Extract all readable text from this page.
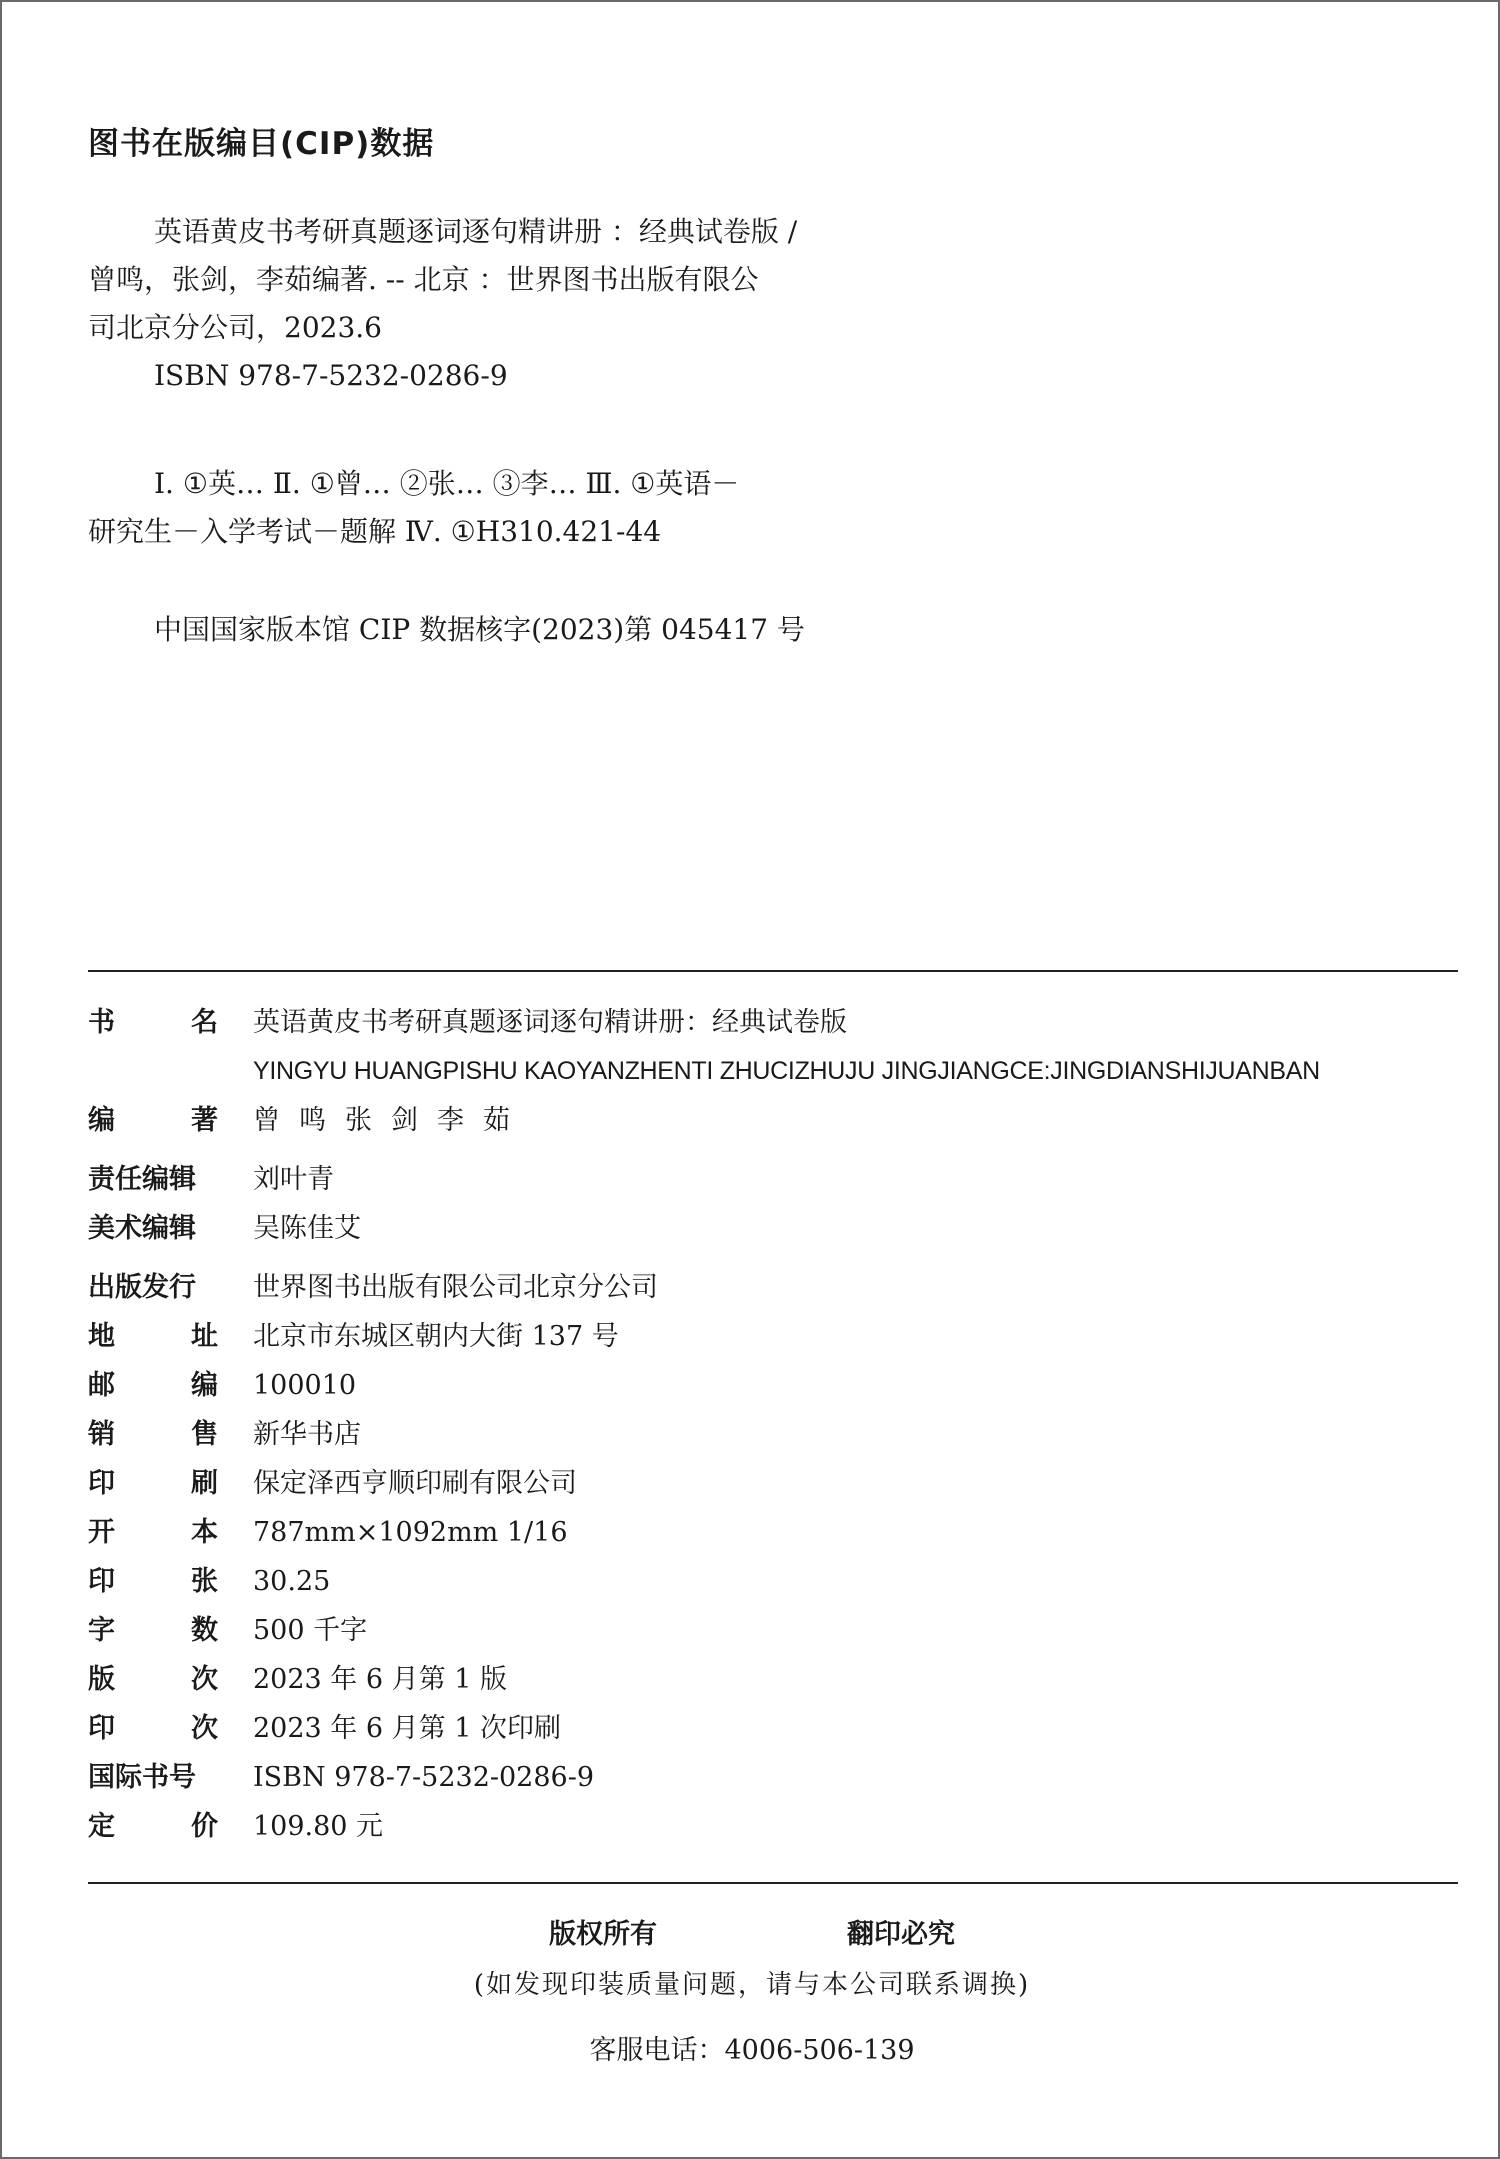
图书在版编目(CIP)数据

英语黄皮书考研真题逐词逐句精讲册 ：经典试卷版 /

曾鸣，张剑，李茹编著. -- 北京 ：世界图书出版有限公

司北京分公司，2023.6

ISBN 978-7-5232-0286-9

Ⅰ. ①英… Ⅱ. ①曾… ②张… ③李… Ⅲ. ①英语－

研究生－入学考试－题解 Ⅳ. ①H310.421-44

中国国家版本馆 CIP 数据核字(2023)第 045417 号

书	名 英语黄皮书考研真题逐词逐句精讲册：经典试卷版
YINGYU HUANGPISHU KAOYANZHENTI ZHUCIZHUJU JINGJIANGCE:JINGDIANSHIJUANBAN
编	著 曾鸣张剑李茹
责任编辑	刘叶青
美术编辑	吴陈佳艾
出版发行	世界图书出版有限公司北京分公司
地	址 北京市东城区朝内大街 137 号
邮	编 100010
销	售 新华书店
印	刷 保定泽西亨顺印刷有限公司
开	本 787mm×1092mm 1/16
印	张 30.25
字	数 500 千字
版	次 2023 年 6 月第 1 版
印	次 2023 年 6 月第 1 次印刷
国际书号	ISBN 978-7-5232-0286-9
定	价 109.80 元
版权所有	翻印必究
(如发现印装质量问题，请与本公司联系调换)
客服电话：4006-506-139
